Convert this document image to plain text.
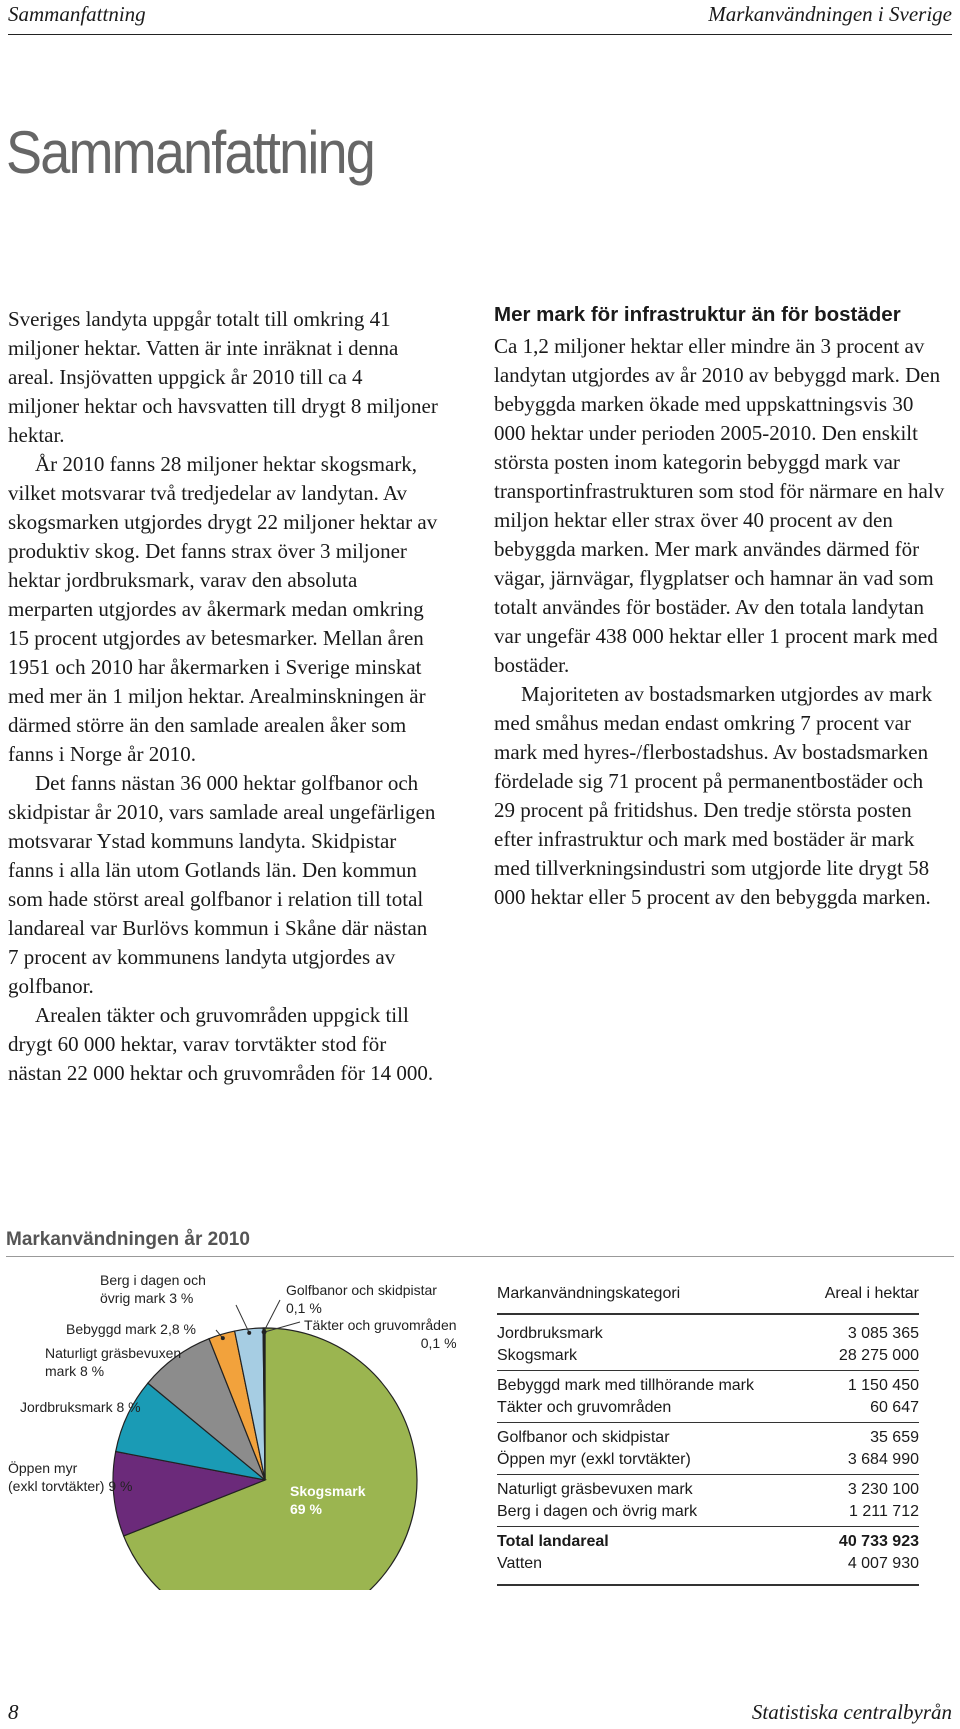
Sammanfattning	Markanvändningen i Sverige
Sammanfattning

Sveriges landyta uppgår totalt till omkring 41 miljoner hektar. Vatten är inte inräknat i denna areal. Insjövatten uppgick år 2010 till ca 4 miljoner hektar och havsvatten till drygt 8 miljoner hektar.

År 2010 fanns 28 miljoner hektar skogsmark, vilket motsvarar två tredjedelar av landytan. Av skogsmarken utgjordes drygt 22 miljoner hektar av produktiv skog. Det fanns strax över 3 miljoner hektar jordbruksmark, varav den absoluta merparten utgjordes av åkermark medan omkring 15 procent utgjordes av betesmarker. Mellan åren 1951 och 2010 har åkermarken i Sverige minskat med mer än 1 miljon hektar. Arealminskningen är därmed större än den samlade arealen åker som fanns i Norge år 2010.

Det fanns nästan 36 000 hektar golfbanor och skidpistar år 2010, vars samlade areal ungefärligen motsvarar Ystad kommuns landyta. Skidpistar fanns i alla län utom Gotlands län. Den kommun som hade störst areal golfbanor i relation till total landareal var Burlövs kommun i Skåne där nästan 7 procent av kommunens landyta utgjordes av golfbanor.

Arealen täkter och gruvområden uppgick till drygt 60 000 hektar, varav torvtäkter stod för nästan 22 000 hektar och gruvområden för 14 000.

Mer mark för infrastruktur än för bostäder

Ca 1,2 miljoner hektar eller mindre än 3 procent av landytan utgjordes av år 2010 av bebyggd mark. Den bebyggda marken ökade med uppskattningsvis 30 000 hektar under perioden 2005-2010. Den enskilt största posten inom kategorin bebyggd mark var transportinfrastrukturen som stod för närmare en halv miljon hektar eller strax över 40 procent av den bebyggda marken. Mer mark användes därmed för vägar, järnvägar, flygplatser och hamnar än vad som totalt användes för bostäder. Av den totala landytan var ungefär 438 000 hektar eller 1 procent mark med bostäder.

Majoriteten av bostadsmarken utgjordes av mark med småhus medan endast omkring 7 procent var mark med hyres-/flerbostadshus. Av bostadsmarken fördelade sig 71 procent på permanentbostäder och 29 procent på fritidshus. Den tredje största posten efter infrastruktur och mark med bostäder är mark med tillverkningsindustri som utgjorde lite drygt 58 000 hektar eller 5 procent av den bebyggda marken.

Markanvändningen år 2010
Berg i dagen och
övrig mark 3 %
Bebyggd mark 2,8 %
Naturligt gräsbevuxen
mark 8 %
Jordbruksmark 8 %
Öppen myr
(exkl torvtäkter) 9 %
Golfbanor och skidpistar
0,1 %
Täkter och gruvområden
0,1 %
Skogsmark
69 %
Markanvändningskategori	Areal i hektar
Jordbruksmark	3 085 365
Skogsmark	28 275 000
Bebyggd mark med tillhörande mark	1 150 450
Täkter och gruvområden	60 647
Golfbanor och skidpistar	35 659
Öppen myr (exkl torvtäkter)	3 684 990
Naturligt gräsbevuxen mark	3 230 100
Berg i dagen och övrig mark	1 211 712
Total landareal	40 733 923
Vatten	4 007 930
8	Statistiska centralbyrån
